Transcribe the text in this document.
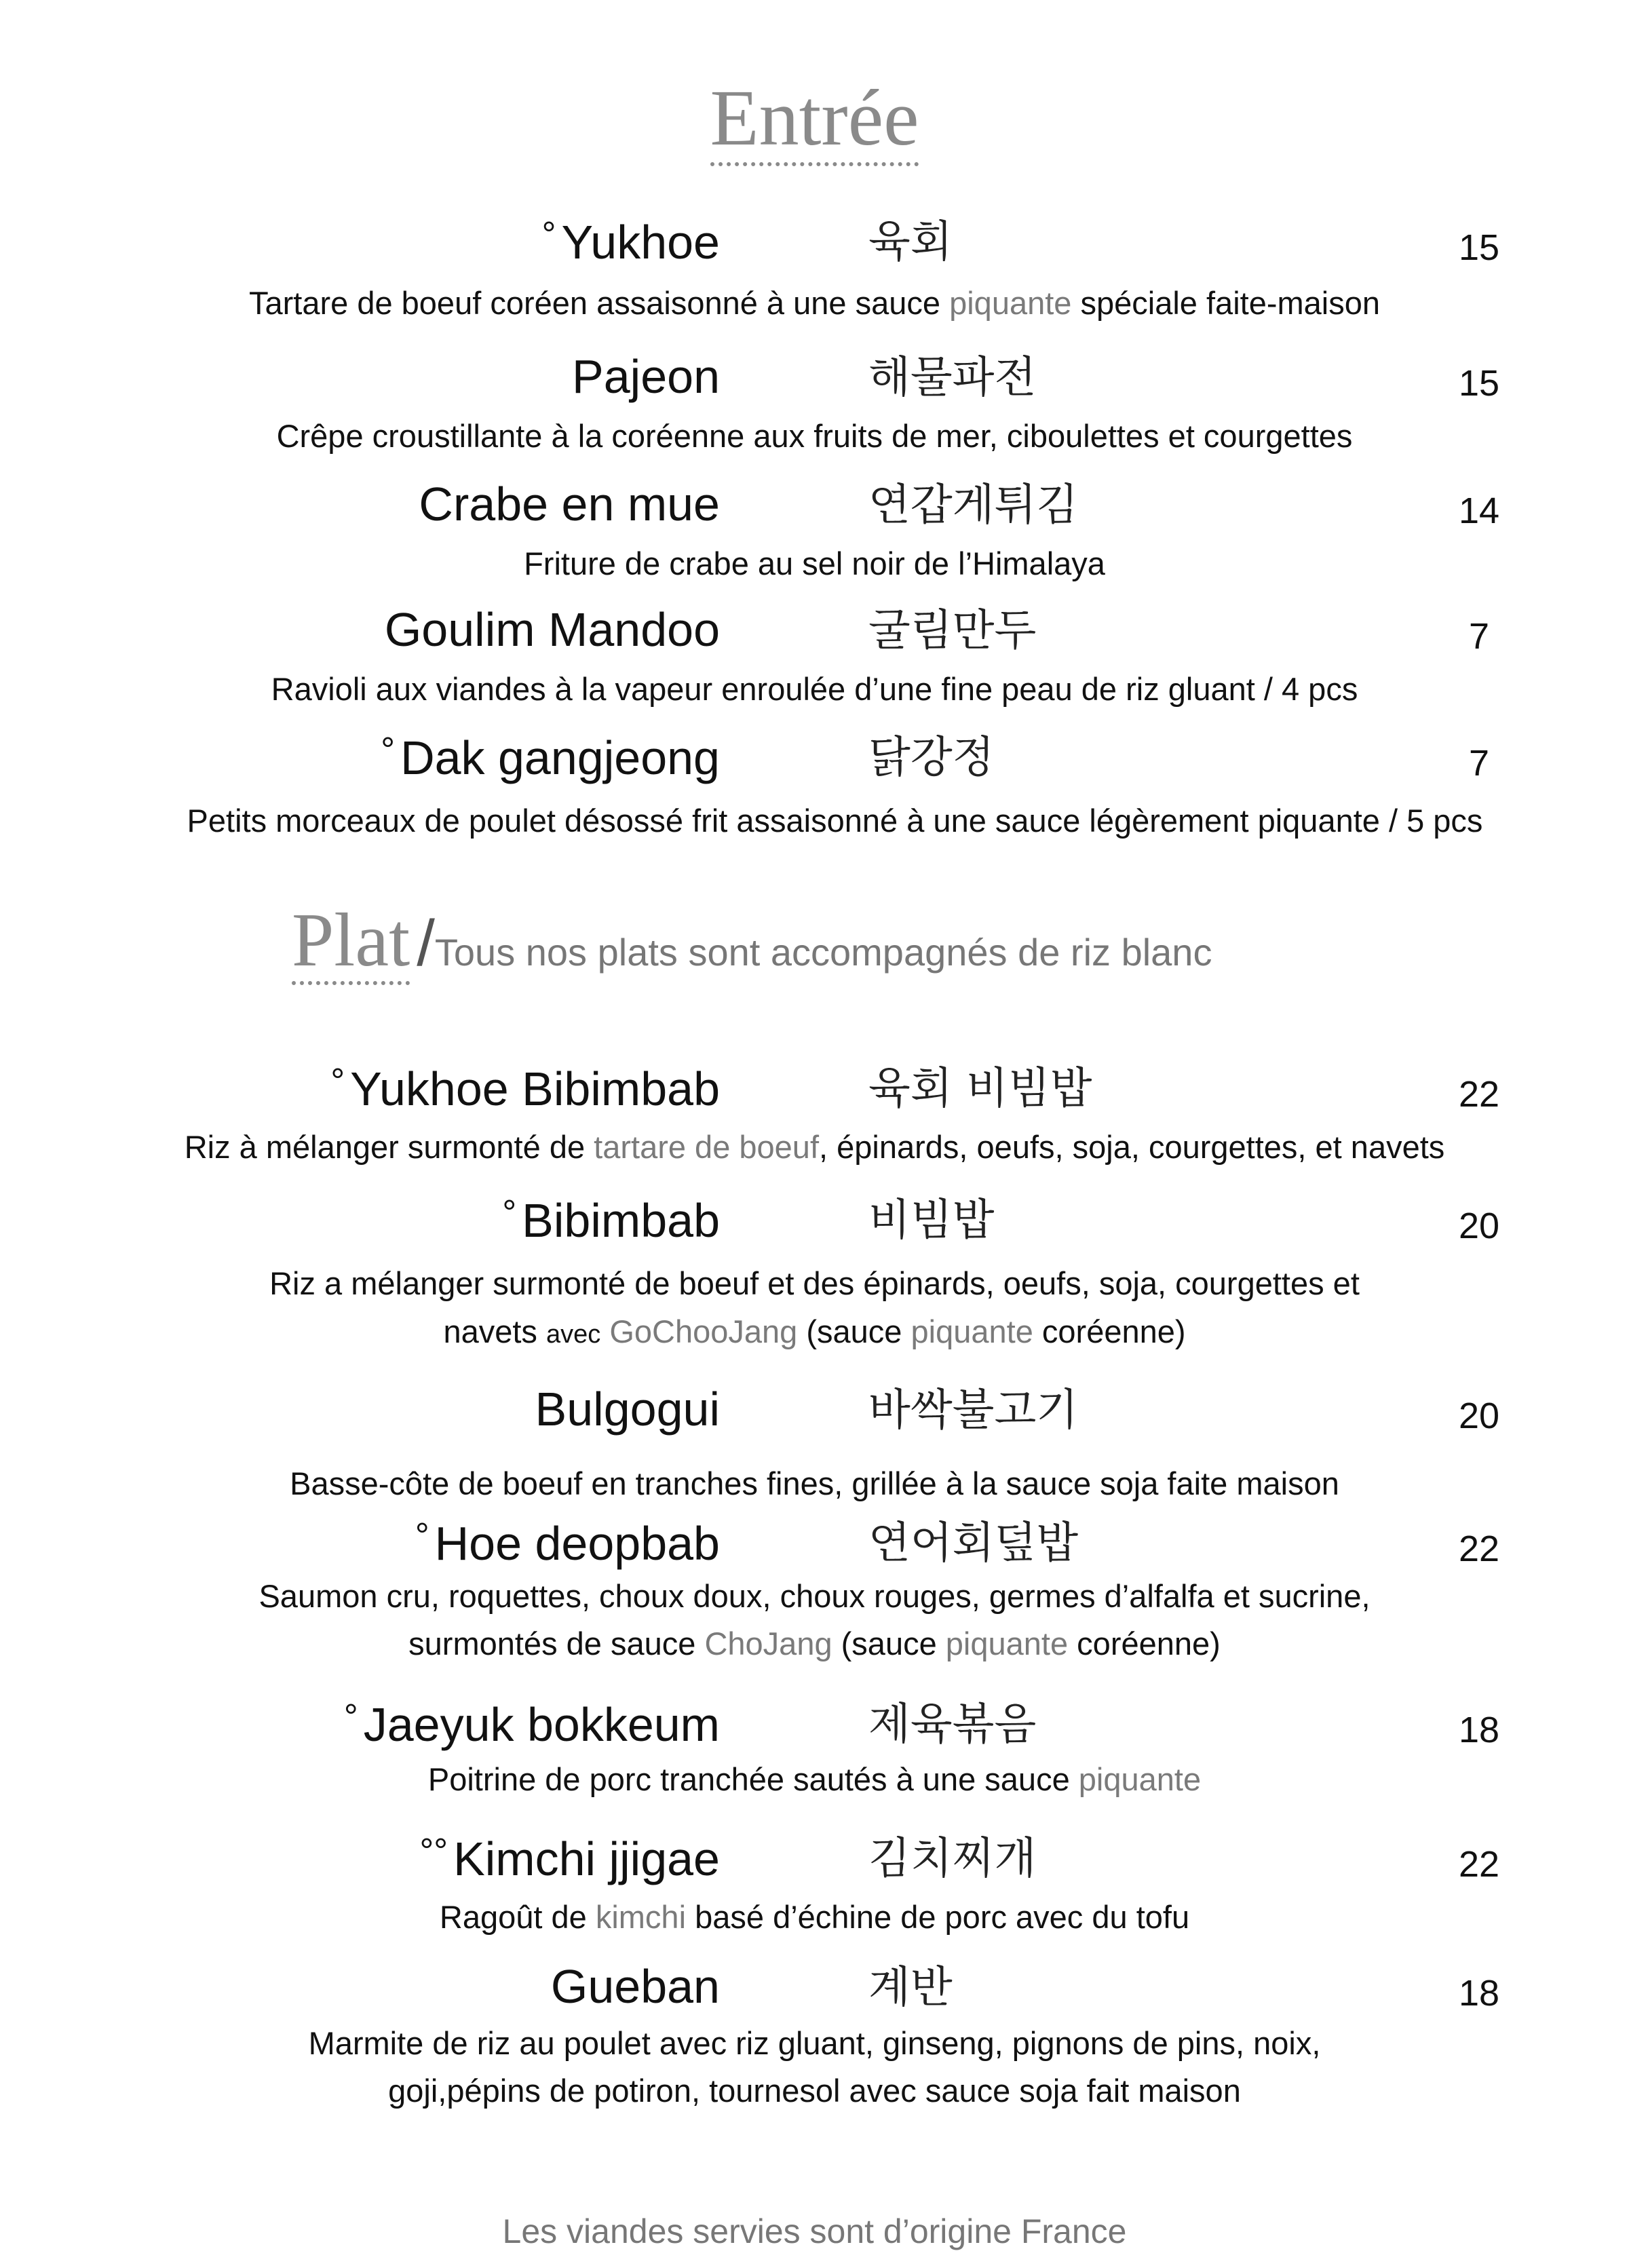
Entrée
° Yukhoe	육회	15
Tartare de boeuf coréen assaisonné à une sauce piquante spéciale faite-maison
Pajeon	해물파전	15
Crêpe croustillante à la coréenne aux fruits de mer, ciboulettes et courgettes
Crabe en mue	연갑게튀김	14
Friture de crabe au sel noir de l’Himalaya
Goulim Mandoo	굴림만두	7
Ravioli aux viandes à la vapeur enroulée d’une fine peau de riz gluant / 4 pcs
° Dak gangjeong	닭강정	7
Petits morceaux de poulet désossé frit assaisonné à une sauce légèrement piquante / 5 pcs
Plat /Tous nos plats sont accompagnés de riz blanc
° Yukhoe Bibimbab	육회 비빔밥	22
Riz à mélanger surmonté de tartare de boeuf, épinards, oeufs, soja, courgettes, et navets
° Bibimbab	비빔밥	20
Riz a mélanger surmonté de boeuf et des épinards, oeufs, soja, courgettes et
navets avec GoChooJang (sauce piquante coréenne)
Bulgogui	바싹불고기	20
Basse-côte de boeuf en tranches fines, grillée à la sauce soja faite maison
° Hoe deopbab	연어회덮밥	22
Saumon cru, roquettes, choux doux, choux rouges, germes d’alfalfa et sucrine,
surmontés de sauce ChoJang (sauce piquante coréenne)
° Jaeyuk bokkeum	제육볶음	18
Poitrine de porc tranchée sautés à une sauce piquante
°° Kimchi jjigae	김치찌개	22
Ragoût de kimchi basé d’échine de porc avec du tofu
Gueban	계반	18
Marmite de riz au poulet avec riz gluant, ginseng, pignons de pins, noix,
goji,pépins de potiron, tournesol avec sauce soja fait maison
Les viandes servies sont d’origine France
